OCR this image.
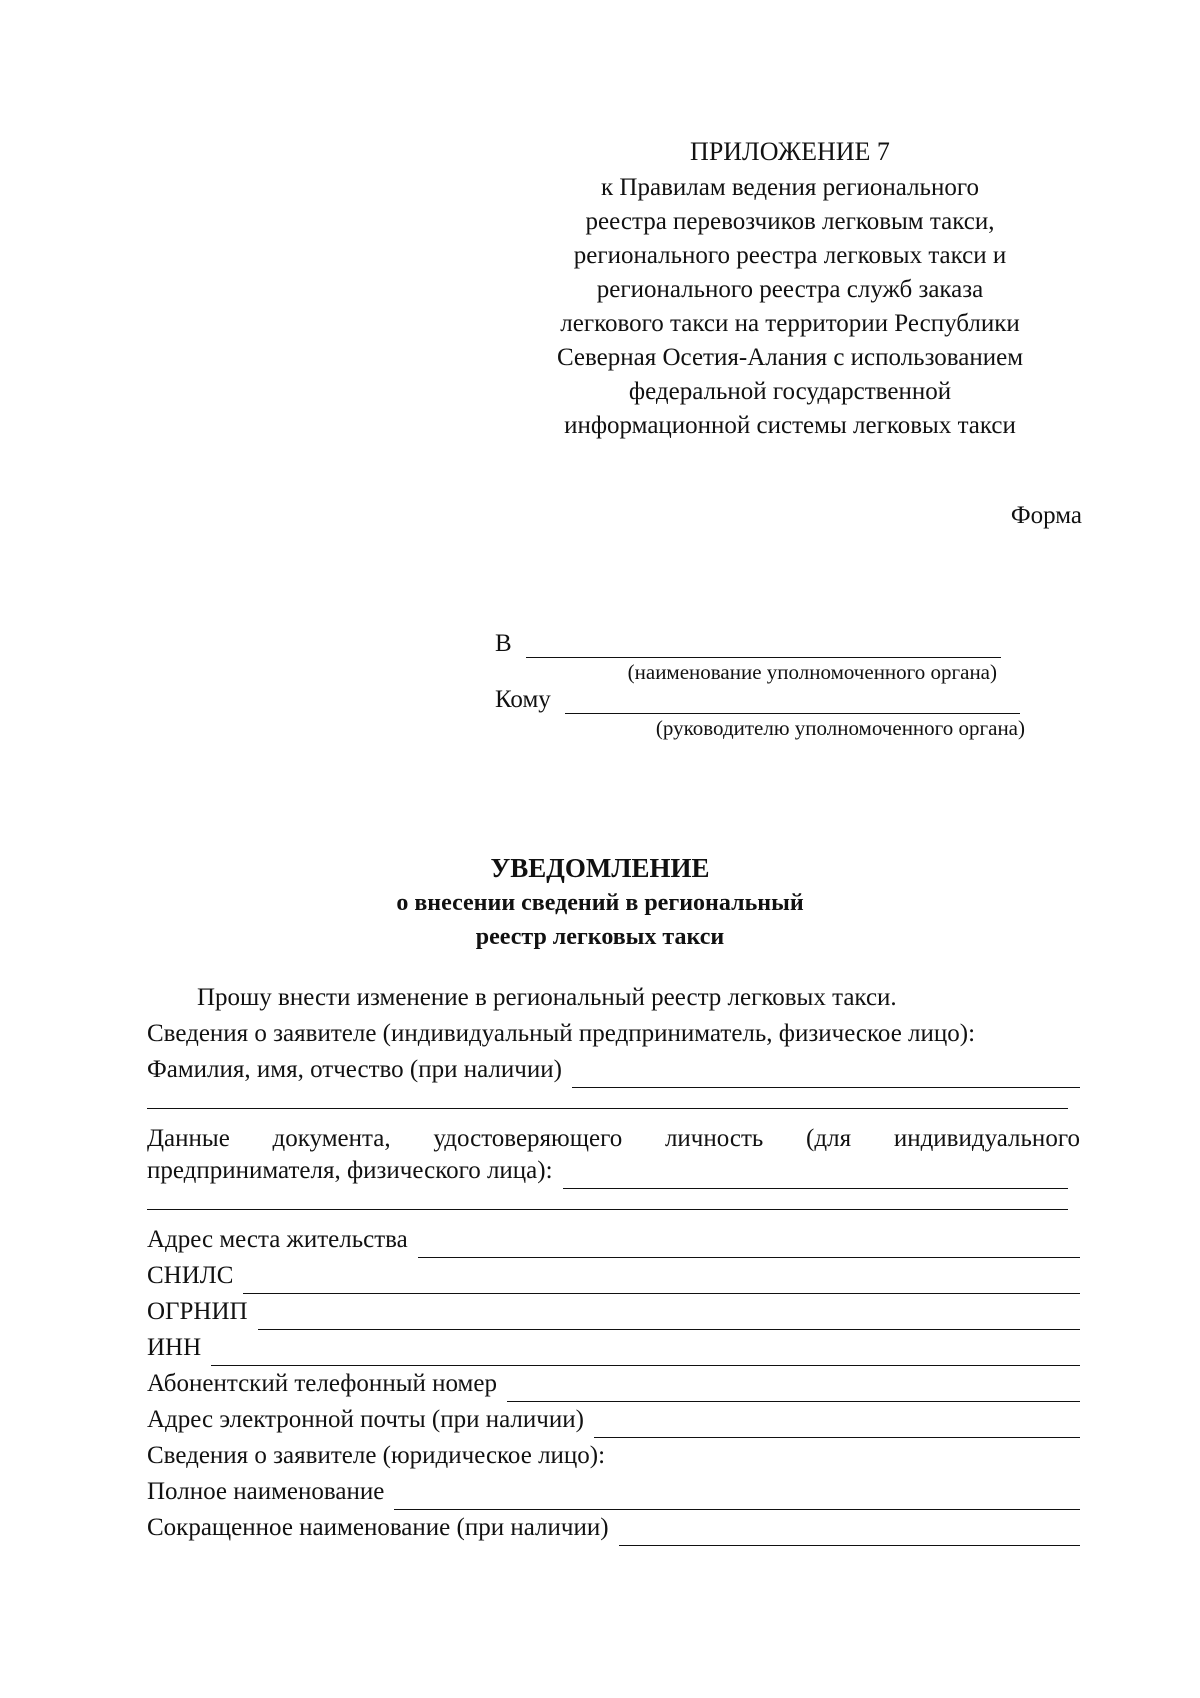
ПРИЛОЖЕНИЕ 7
к Правилам ведения регионального
реестра перевозчиков легковым такси,
регионального реестра легковых такси и
регионального реестра служб заказа
легкового такси на территории Республики
Северная Осетия-Алания с использованием
федеральной государственной
информационной системы легковых такси
Форма
В
(наименование уполномоченного органа)
Кому
(руководителю уполномоченного органа)
УВЕДОМЛЕНИЕ
о внесении сведений в региональный
реестр легковых такси
Прошу внести изменение в региональный реестр легковых такси.
Сведения о заявителе (индивидуальный предприниматель, физическое лицо):
Фамилия, имя, отчество (при наличии)
Данные документа, удостоверяющего личность (для индивидуального
предпринимателя, физического лица):
Адрес места жительства
СНИЛС
ОГРНИП
ИНН
Абонентский телефонный номер
Адрес электронной почты (при наличии)
Сведения о заявителе (юридическое лицо):
Полное наименование
Сокращенное наименование (при наличии)
